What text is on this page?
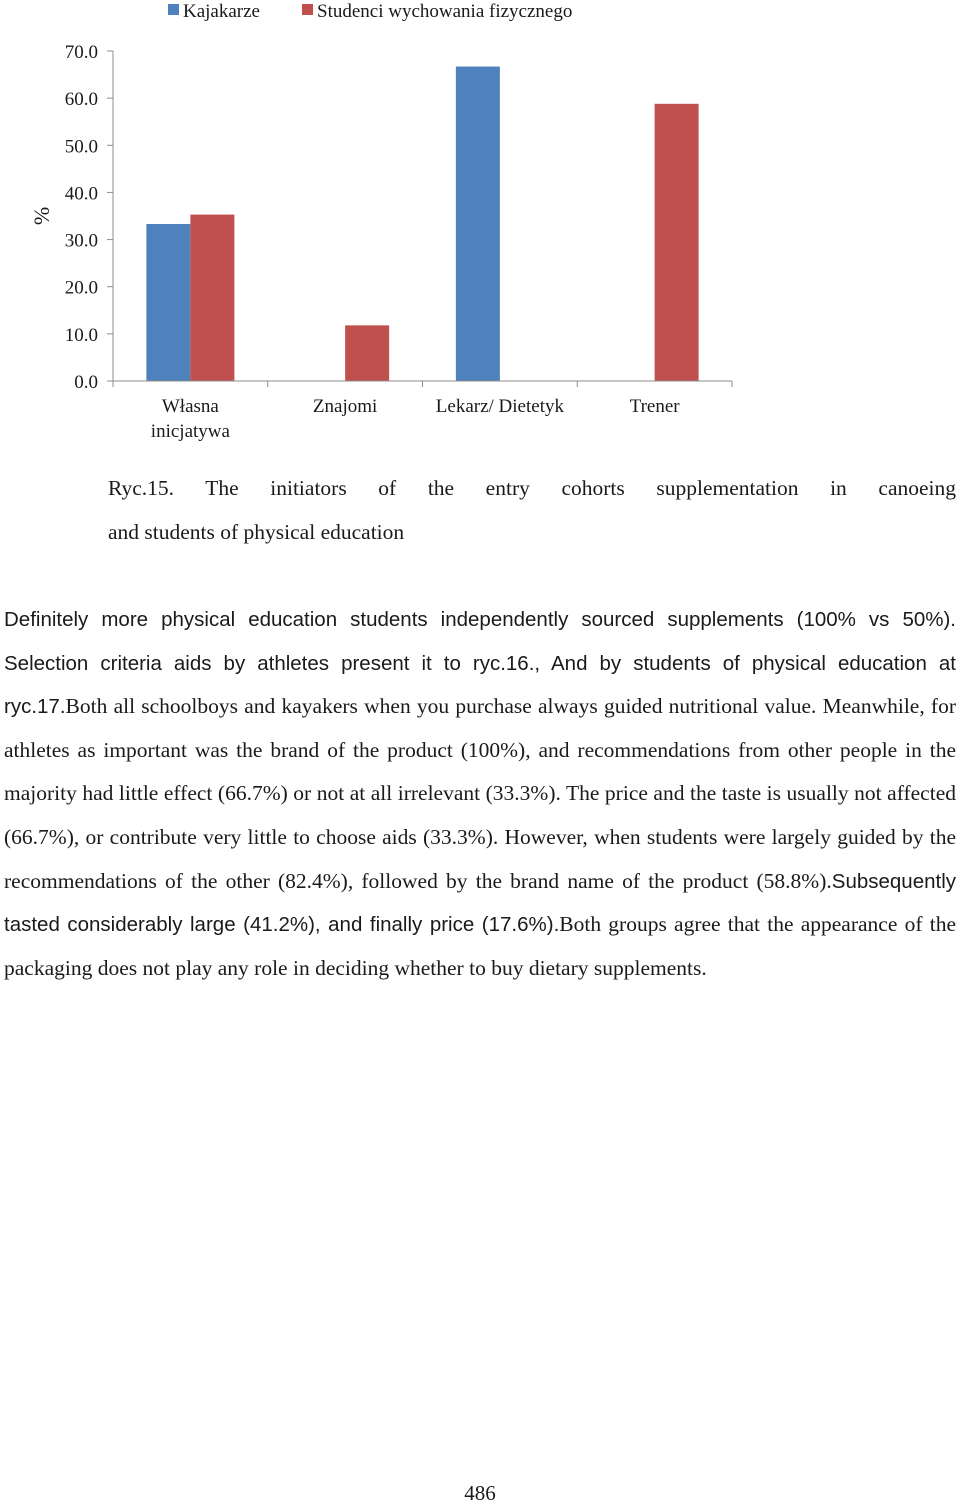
Kajakarze	Studenci wychowania fizycznego
%
0.0
10.0
20.0
30.0
40.0
50.0
60.0
70.0
Własna
inicjatywa
Znajomi	Lekarz/ Dietetyk	Trener
Ryc.15. The initiators of the entry cohorts supplementation in canoeing
and students of physical education

Definitely more physical education students independently sourced supplements (100% vs 50%). Selection criteria aids by athletes present it to ryc.16., And by students of physical education at ryc.17.Both all schoolboys and kayakers when you purchase always guided nutritional value. Meanwhile, for athletes as important was the brand of the product (100%), and recommendations from other people in the majority had little effect (66.7%) or not at all irrelevant (33.3%). The price and the taste is usually not affected (66.7%), or contribute very little to choose aids (33.3%). However, when students were largely guided by the recommendations of the other (82.4%), followed by the brand name of the product (58.8%).Subsequently tasted considerably large (41.2%), and finally price (17.6%).Both groups agree that the appearance of the packaging does not play any role in deciding whether to buy dietary supplements.

486
